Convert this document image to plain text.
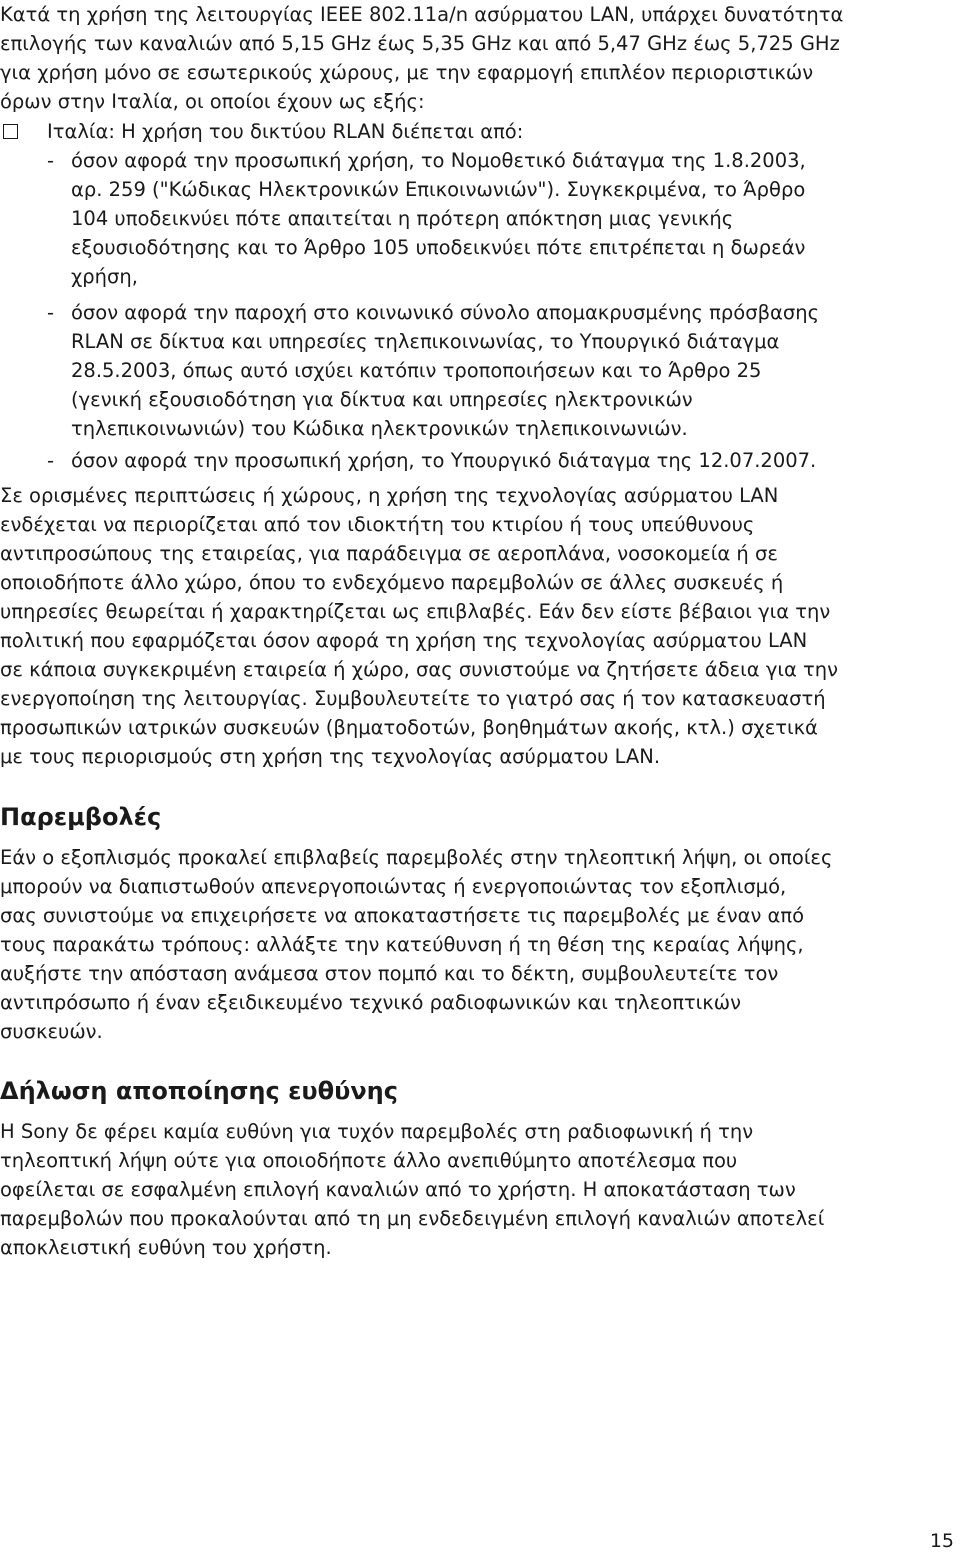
Κατά τη χρήση της λειτουργίας IEEE 802.11a/n ασύρματου LAN, υπάρχει δυνατότητα
επιλογής των καναλιών από 5,15 GHz έως 5,35 GHz και από 5,47 GHz έως 5,725 GHz
για χρήση μόνο σε εσωτερικούς χώρους, με την εφαρμογή επιπλέον περιοριστικών
όρων στην Ιταλία, οι οποίοι έχουν ως εξής:

Ιταλία: Η χρήση του δικτύου RLAN διέπεται από:
- όσον αφορά την προσωπική χρήση, το Νομοθετικό διάταγμα της 1.8.2003,
αρ. 259 ("Κώδικας Ηλεκτρονικών Επικοινωνιών"). Συγκεκριμένα, το Άρθρο
104 υποδεικνύει πότε απαιτείται η πρότερη απόκτηση μιας γενικής
εξουσιοδότησης και το Άρθρο 105 υποδεικνύει πότε επιτρέπεται η δωρεάν
χρήση,
- όσον αφορά την παροχή στο κοινωνικό σύνολο απομακρυσμένης πρόσβασης
RLAN σε δίκτυα και υπηρεσίες τηλεπικοινωνίας, το Υπουργικό διάταγμα
28.5.2003, όπως αυτό ισχύει κατόπιν τροποποιήσεων και το Άρθρο 25
(γενική εξουσιοδότηση για δίκτυα και υπηρεσίες ηλεκτρονικών
τηλεπικοινωνιών) του Κώδικα ηλεκτρονικών τηλεπικοινωνιών.
- όσον αφορά την προσωπική χρήση, το Υπουργικό διάταγμα της 12.07.2007.

Σε ορισμένες περιπτώσεις ή χώρους, η χρήση της τεχνολογίας ασύρματου LAN
ενδέχεται να περιορίζεται από τον ιδιοκτήτη του κτιρίου ή τους υπεύθυνους
αντιπροσώπους της εταιρείας, για παράδειγμα σε αεροπλάνα, νοσοκομεία ή σε
οποιοδήποτε άλλο χώρο, όπου το ενδεχόμενο παρεμβολών σε άλλες συσκευές ή
υπηρεσίες θεωρείται ή χαρακτηρίζεται ως επιβλαβές. Εάν δεν είστε βέβαιοι για την
πολιτική που εφαρμόζεται όσον αφορά τη χρήση της τεχνολογίας ασύρματου LAN
σε κάποια συγκεκριμένη εταιρεία ή χώρο, σας συνιστούμε να ζητήσετε άδεια για την
ενεργοποίηση της λειτουργίας. Συμβουλευτείτε το γιατρό σας ή τον κατασκευαστή
προσωπικών ιατρικών συσκευών (βηματοδοτών, βοηθημάτων ακοής, κτλ.) σχετικά
με τους περιορισμούς στη χρήση της τεχνολογίας ασύρματου LAN.

Παρεμβολές

Εάν ο εξοπλισμός προκαλεί επιβλαβείς παρεμβολές στην τηλεοπτική λήψη, οι οποίες
μπορούν να διαπιστωθούν απενεργοποιώντας ή ενεργοποιώντας τον εξοπλισμό,
σας συνιστούμε να επιχειρήσετε να αποκαταστήσετε τις παρεμβολές με έναν από
τους παρακάτω τρόπους: αλλάξτε την κατεύθυνση ή τη θέση της κεραίας λήψης,
αυξήστε την απόσταση ανάμεσα στον πομπό και το δέκτη, συμβουλευτείτε τον
αντιπρόσωπο ή έναν εξειδικευμένο τεχνικό ραδιοφωνικών και τηλεοπτικών
συσκευών.

Δήλωση αποποίησης ευθύνης

Η Sony δε φέρει καμία ευθύνη για τυχόν παρεμβολές στη ραδιοφωνική ή την
τηλεοπτική λήψη ούτε για οποιοδήποτε άλλο ανεπιθύμητο αποτέλεσμα που
οφείλεται σε εσφαλμένη επιλογή καναλιών από το χρήστη. Η αποκατάσταση των
παρεμβολών που προκαλούνται από τη μη ενδεδειγμένη επιλογή καναλιών αποτελεί
αποκλειστική ευθύνη του χρήστη.

15
